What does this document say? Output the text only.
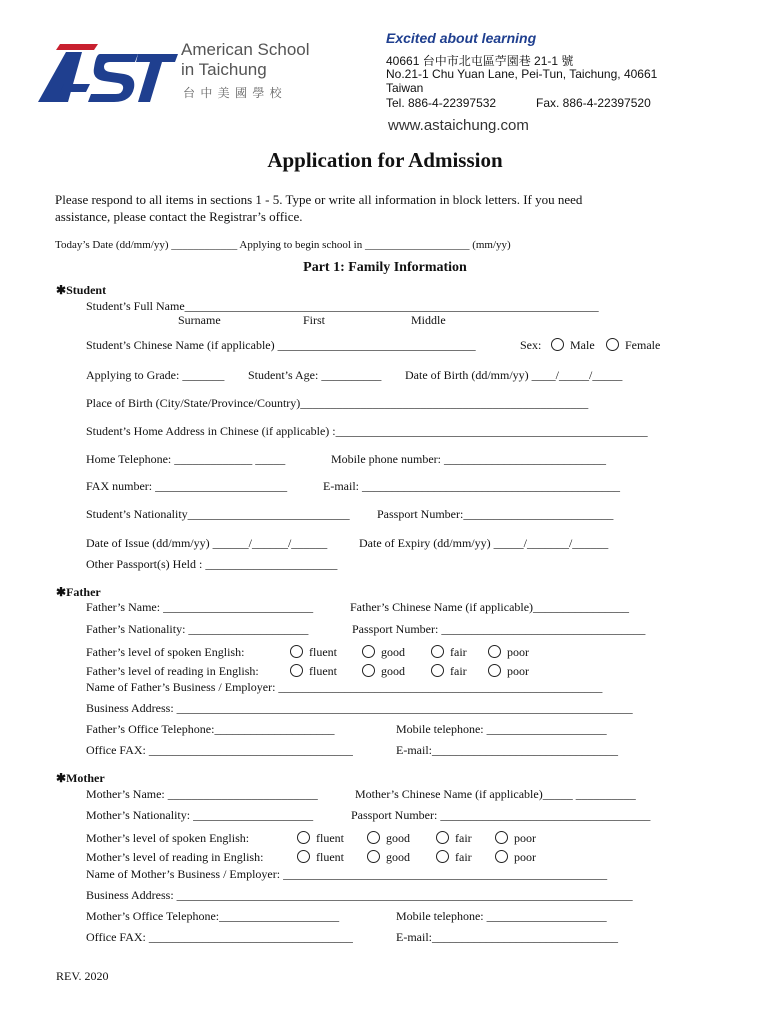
American School
in Taichung
台 中 美 國 學 校
Excited about learning
40661 台中市北屯區苧園巷 21-1 號
No.21-1 Chu Yuan Lane, Pei-Tun, Taichung, 40661
Taiwan
Tel. 886-4-22397532	Fax. 886-4-22397520
www.astaichung.com
Application for Admission
Please respond to all items in sections 1 - 5. Type or write all information in block letters. If you need
assistance, please contact the Registrar’s office.
Today’s Date (dd/mm/yy) ____________ Applying to begin school in ___________________ (mm/yy)
Part 1: Family Information
✱Student
Student’s Full Name_____________________________________________________________________
Surname	First	Middle
Student’s Chinese Name (if applicable) _________________________________	Sex:	Male	Female
Applying to Grade: _______ Student’s Age: __________ Date of Birth (dd/mm/yy) ____/_____/_____
Place of Birth (City/State/Province/Country)________________________________________________
Student’s Home Address in Chinese (if applicable) :____________________________________________________
Home Telephone: _____________ _____	Mobile phone number: ___________________________
FAX number: ______________________	E-mail: ___________________________________________
Student’s Nationality___________________________ Passport Number:_________________________
Date of Issue (dd/mm/yy) ______/______/______	Date of Expiry (dd/mm/yy) _____/_______/______
Other Passport(s) Held : ______________________
✱Father
Father’s Name: _________________________	Father’s Chinese Name (if applicable)________________
Father’s Nationality: ____________________	Passport Number: __________________________________
Father’s level of spoken English:	fluent	good	fair	poor
Father’s level of reading in English:	fluent	good	fair	poor
Name of Father’s Business / Employer: ______________________________________________________
Business Address: ____________________________________________________________________________
Father’s Office Telephone:____________________	Mobile telephone: ____________________
Office FAX: __________________________________	E-mail:_______________________________
✱Mother
Mother’s Name: _________________________	Mother’s Chinese Name (if applicable)_____ __________
Mother’s Nationality: ____________________	Passport Number: ___________________________________
Mother’s level of spoken English:	fluent	good	fair	poor
Mother’s level of reading in English:	fluent	good	fair	poor
Name of Mother’s Business / Employer: ______________________________________________________
Business Address: ____________________________________________________________________________
Mother’s Office Telephone:____________________	Mobile telephone: ____________________
Office FAX: __________________________________	E-mail:_______________________________
REV. 2020
